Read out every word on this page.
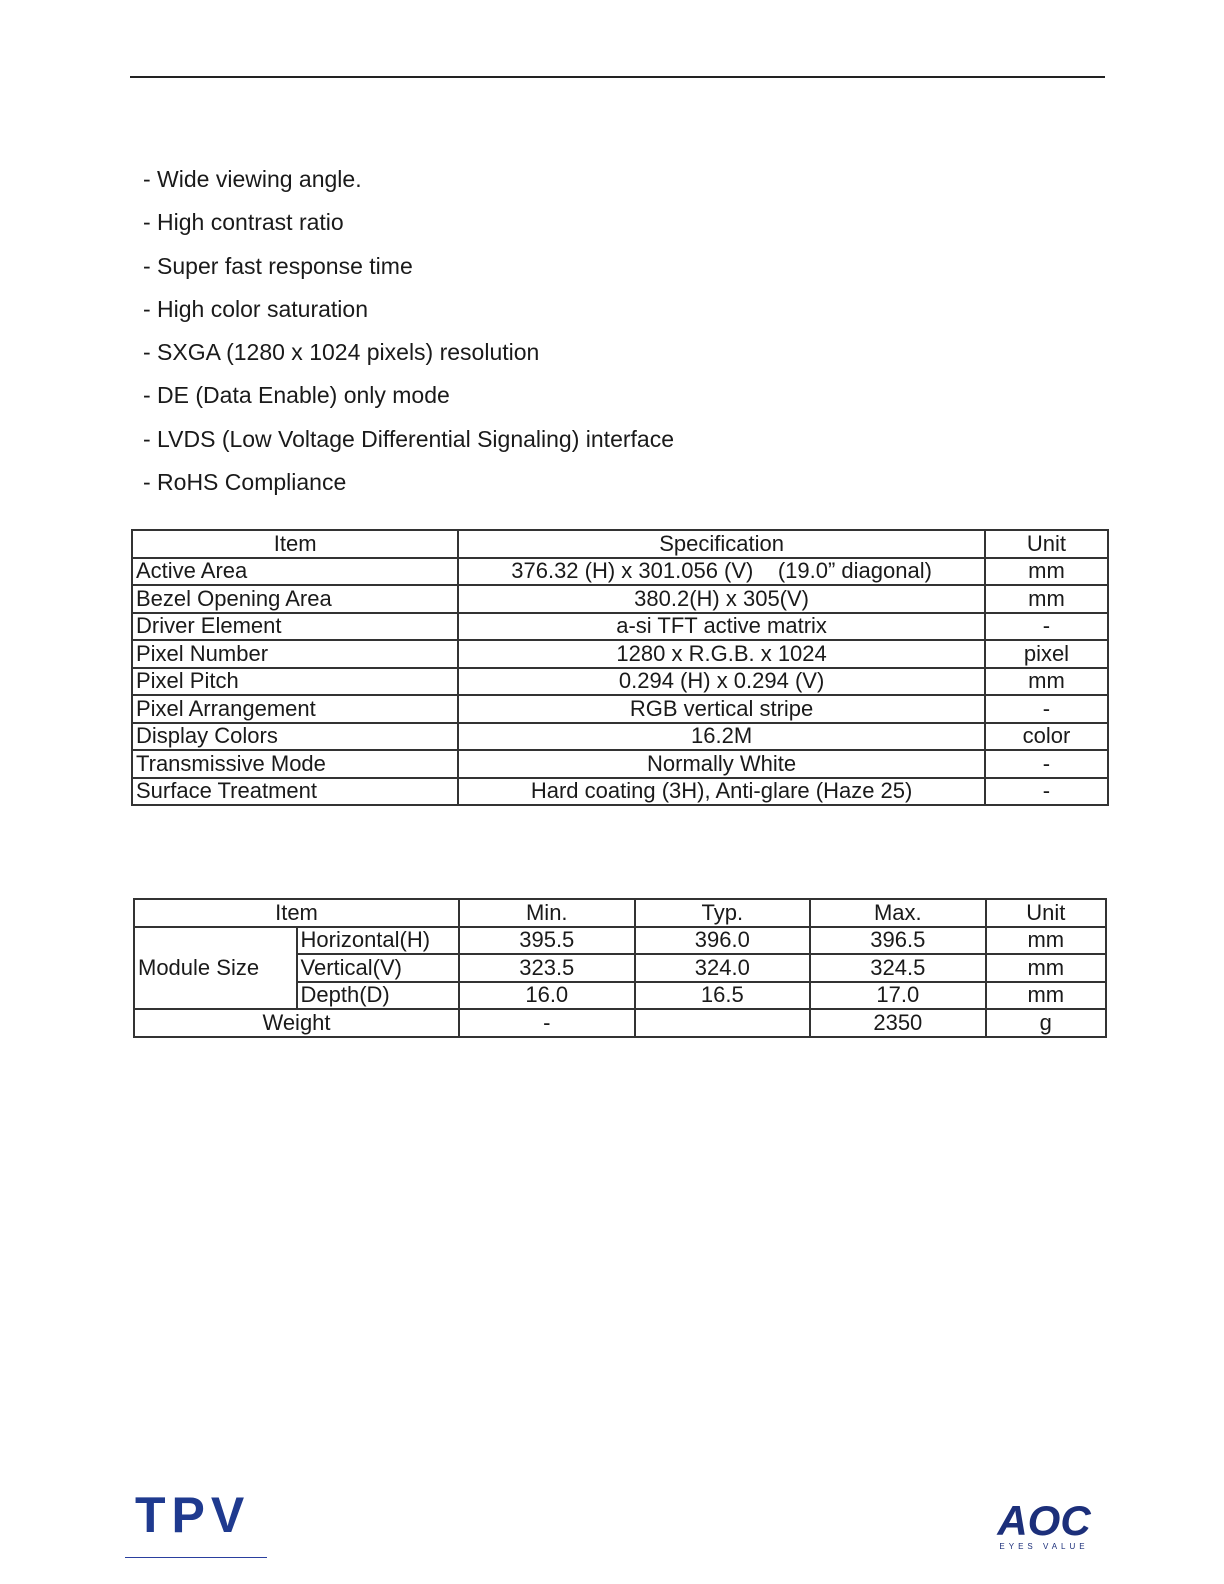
- Wide viewing angle.
- High contrast ratio
- Super fast response time
- High color saturation
- SXGA (1280 x 1024 pixels) resolution
- DE (Data Enable) only mode
- LVDS (Low Voltage Differential Signaling) interface
- RoHS Compliance
Item	Specification	Unit
Active Area	376.32 (H) x 301.056 (V)    (19.0” diagonal)	mm
Bezel Opening Area	380.2(H) x 305(V)	mm
Driver Element	a-si TFT active matrix	-
Pixel Number	1280 x R.G.B. x 1024	pixel
Pixel Pitch	0.294 (H) x 0.294 (V)	mm
Pixel Arrangement	RGB vertical stripe	-
Display Colors	16.2M	color
Transmissive Mode	Normally White	-
Surface Treatment	Hard coating (3H), Anti-glare (Haze 25)	-
Item		Min.	Typ.	Max.	Unit
Module Size	Horizontal(H)	395.5	396.0	396.5	mm
	Vertical(V)	323.5	324.0	324.5	mm
	Depth(D)	16.0	16.5	17.0	mm
Weight		-		2350	g
TPV	AOC
EYES VALUE
